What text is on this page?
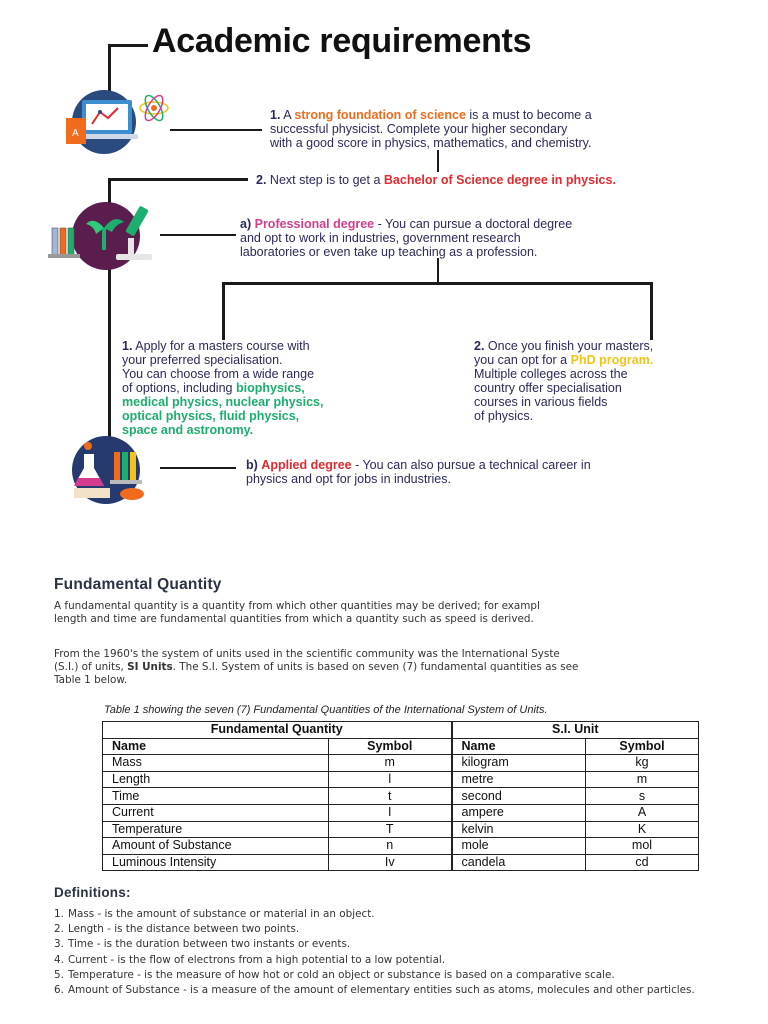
Academic requirements
A

1. A strong foundation of science is a must to become a

successful physicist. Complete your higher secondary

with a good score in physics, mathematics, and chemistry.

2. Next step is to get a Bachelor of Science degree in physics.

a) Professional degree - You can pursue a doctoral degree

and opt to work in industries, government research

laboratories or even take up teaching as a profession.

1. Apply for a masters course with

your preferred specialisation.

You can choose from a wide range

of options, including biophysics,

medical physics, nuclear physics,

optical physics, fluid physics,

space and astronomy.

2. Once you finish your masters,

you can opt for a PhD program.

Multiple colleges across the

country offer specialisation

courses in various fields

of physics.

b) Applied degree - You can also pursue a technical career in

physics and opt for jobs in industries.

Fundamental Quantity
A fundamental quantity is a quantity from which other quantities may be derived; for exampl
length and time are fundamental quantities from which a quantity such as speed is derived.
From the 1960's the system of units used in the scientific community was the International Syste
(S.I.) of units, SI Units. The S.I. System of units is based on seven (7) fundamental quantities as see
Table 1 below.
Table 1 showing the seven (7) Fundamental Quantities of the International System of Units.
Fundamental Quantity		S.I. Unit	
Name	Symbol	Name	Symbol
Mass	m	kilogram	kg
Length	l	metre	m
Time	t	second	s
Current	I	ampere	A
Temperature	T	kelvin	K
Amount of Substance	n	mole	mol
Luminous Intensity	Iv	candela	cd
Definitions:
1. Mass - is the amount of substance or material in an object.
2. Length - is the distance between two points.
3. Time - is the duration between two instants or events.
4. Current - is the flow of electrons from a high potential to a low potential.
5. Temperature - is the measure of how hot or cold an object or substance is based on a comparative scale.
6. Amount of Substance - is a measure of the amount of elementary entities such as atoms, molecules and other particles.
